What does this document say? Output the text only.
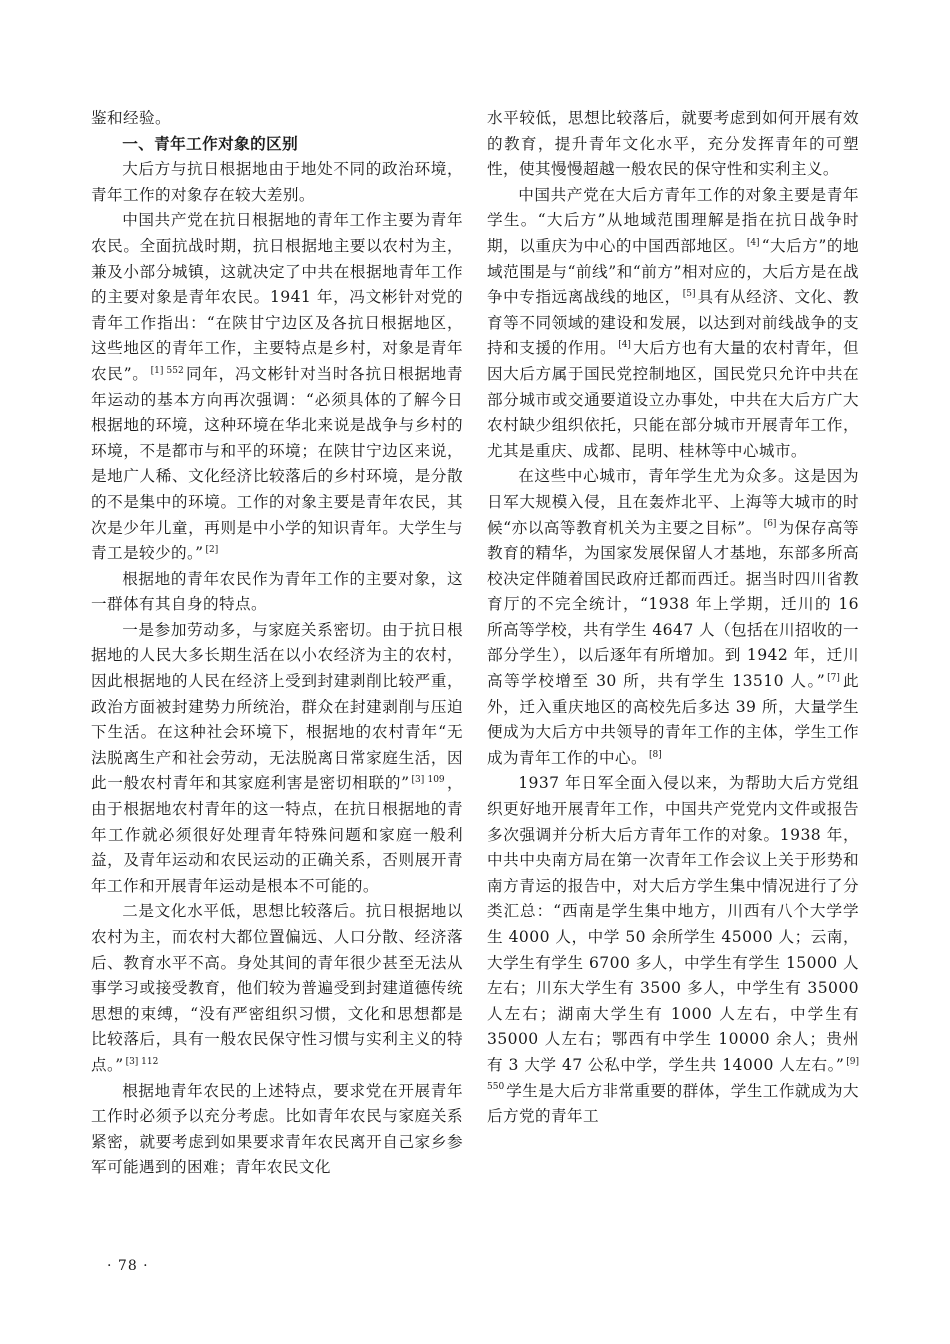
鉴和经验。

一、青年工作对象的区别

大后方与抗日根据地由于地处不同的政治环境，青年工作的对象存在较大差别。

中国共产党在抗日根据地的青年工作主要为青年农民。全面抗战时期，抗日根据地主要以农村为主，兼及小部分城镇，这就决定了中共在根据地青年工作的主要对象是青年农民。1941 年，冯文彬针对党的青年工作指出：“在陕甘宁边区及各抗日根据地区，这些地区的青年工作，主要特点是乡村，对象是青年农民”。 $^{[1] 552}$ 同年，冯文彬针对当时各抗日根据地青年运动的基本方向再次强调：“必须具体的了解今日根据地的环境，这种环境在华北来说是战争与乡村的环境，不是都市与和平的环境；在陕甘宁边区来说，是地广人稀、文化经济比较落后的乡村环境，是分散的不是集中的环境。工作的对象主要是青年农民，其次是少年儿童，再则是中小学的知识青年。大学生与青工是较少的。” [2]

根据地的青年农民作为青年工作的主要对象，这一群体有其自身的特点。

一是参加劳动多，与家庭关系密切。由于抗日根据地的人民大多长期生活在以小农经济为主的农村，因此根据地的人民在经济上受到封建剥削比较严重，政治方面被封建势力所统治，群众在封建剥削与压迫下生活。在这种社会环境下，根据地的农村青年“无法脱离生产和社会劳动，无法脱离日常家庭生活，因此一般农村青年和其家庭利害是密切相联的” $^{[3] 109}$ ，由于根据地农村青年的这一特点，在抗日根据地的青年工作就必须很好处理青年特殊问题和家庭一般利益，及青年运动和农民运动的正确关系，否则展开青年工作和开展青年运动是根本不可能的。

二是文化水平低，思想比较落后。抗日根据地以农村为主，而农村大都位置偏远、人口分散、经济落后、教育水平不高。身处其间的青年很少甚至无法从事学习或接受教育，他们较为普遍受到封建道德传统思想的束缚，“没有严密组织习惯，文化和思想都是比较落后，具有一般农民保守性习惯与实利主义的特点。” $^{[3] 112}$

根据地青年农民的上述特点，要求党在开展青年工作时必须予以充分考虑。比如青年农民与家庭关系紧密，就要考虑到如果要求青年农民离开自己家乡参军可能遇到的困难；青年农民文化

水平较低，思想比较落后，就要考虑到如何开展有效的教育，提升青年文化水平，充分发挥青年的可塑性，使其慢慢超越一般农民的保守性和实利主义。

中国共产党在大后方青年工作的对象主要是青年学生。“大后方”从地域范围理解是指在抗日战争时期，以重庆为中心的中国西部地区。 [4] “大后方”的地域范围是与“前线”和“前方”相对应的，大后方是在战争中专指远离战线的地区， [5] 具有从经济、文化、教育等不同领域的建设和发展，以达到对前线战争的支持和支援的作用。 [4] 大后方也有大量的农村青年，但因大后方属于国民党控制地区，国民党只允许中共在部分城市或交通要道设立办事处，中共在大后方广大农村缺少组织依托，只能在部分城市开展青年工作，尤其是重庆、成都、昆明、桂林等中心城市。

在这些中心城市，青年学生尤为众多。这是因为日军大规模入侵，且在轰炸北平、上海等大城市的时候“亦以高等教育机关为主要之目标”。 [6] 为保存高等教育的精华，为国家发展保留人才基地，东部多所高校决定伴随着国民政府迁都而西迁。据当时四川省教育厅的不完全统计，“1938 年上学期，迁川的 16 所高等学校，共有学生 4647 人（包括在川招收的一部分学生），以后逐年有所增加。到 1942 年，迁川高等学校增至 30 所，共有学生 13510 人。” [7] 此外，迁入重庆地区的高校先后多达 39 所，大量学生便成为大后方中共领导的青年工作的主体，学生工作成为青年工作的中心。 [8]

1937 年日军全面入侵以来，为帮助大后方党组织更好地开展青年工作，中国共产党党内文件或报告多次强调并分析大后方青年工作的对象。1938 年，中共中央南方局在第一次青年工作会议上关于形势和南方青运的报告中，对大后方学生集中情况进行了分类汇总：“西南是学生集中地方，川西有八个大学学生 4000 人，中学 50 余所学生 45000 人；云南，大学生有学生 6700 多人，中学生有学生 15000 人左右；川东大学生有 3500 多人，中学生有 35000 人左右；湖南大学生有 1000 人左右，中学生有 35000 人左右；鄂西有中学生 10000 余人；贵州有 3 大学 47 公私中学，学生共 14000 人左右。” $^{[9] 550}$ 学生是大后方非常重要的群体，学生工作就成为大后方党的青年工

· 78 ·
